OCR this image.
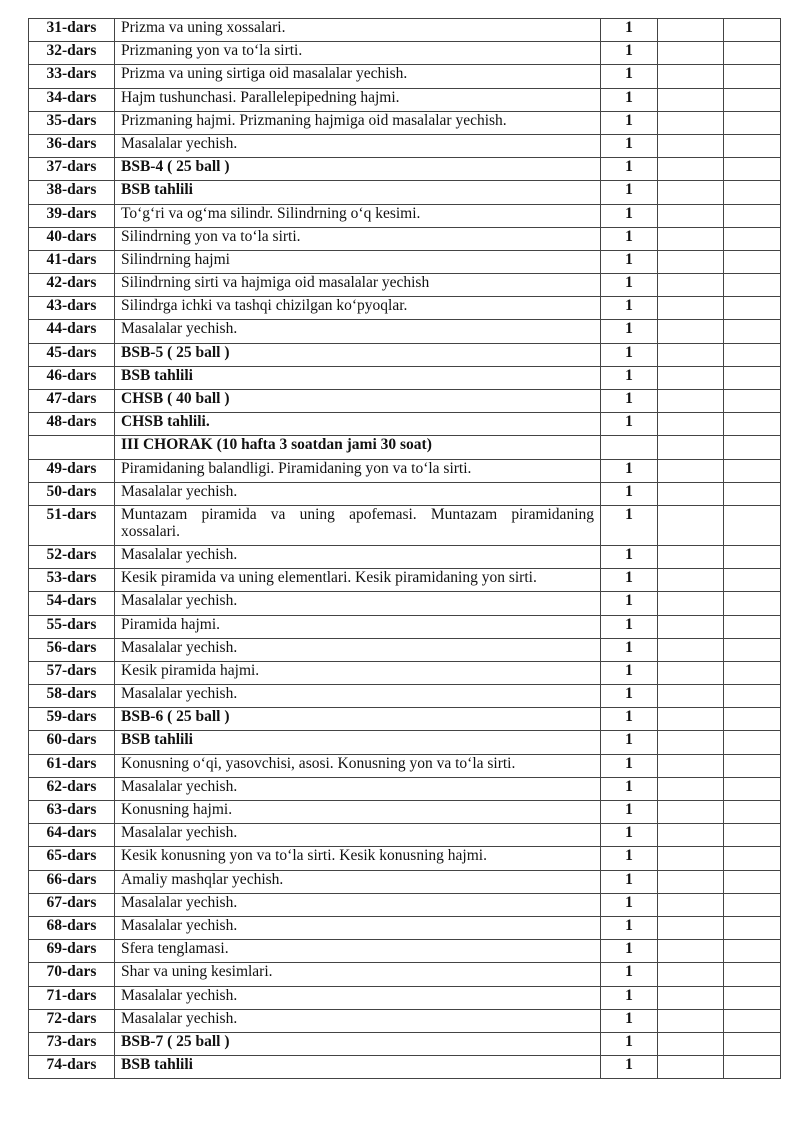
31-dars	Prizma va uning xossalari.	1		
32-dars	Prizmaning yon va to‘la sirti.	1		
33-dars	Prizma va uning sirtiga oid masalalar yechish.	1		
34-dars	Hajm tushunchasi. Parallelepipedning hajmi.	1		
35-dars	Prizmaning hajmi. Prizmaning hajmiga oid masalalar yechish.	1		
36-dars	Masalalar yechish.	1		
37-dars	BSB-4 ( 25 ball )	1		
38-dars	BSB tahlili	1		
39-dars	To‘g‘ri va og‘ma silindr. Silindrning o‘q kesimi.	1		
40-dars	Silindrning yon va to‘la sirti.	1		
41-dars	Silindrning hajmi	1		
42-dars	Silindrning sirti va hajmiga oid masalalar yechish	1		
43-dars	Silindrga ichki va tashqi chizilgan ko‘pyoqlar.	1		
44-dars	Masalalar yechish.	1		
45-dars	BSB-5 ( 25 ball )	1		
46-dars	BSB tahlili	1		
47-dars	CHSB ( 40 ball )	1		
48-dars	CHSB tahlili.	1		
	III CHORAK (10 hafta 3 soatdan jami 30 soat)			
49-dars	Piramidaning balandligi. Piramidaning yon va to‘la sirti.	1		
50-dars	Masalalar yechish.	1		
51-dars	Muntazam piramida va uning apofemasi. Muntazam piramidaning xossalari.	1		
52-dars	Masalalar yechish.	1		
53-dars	Kesik piramida va uning elementlari. Kesik piramidaning yon sirti.	1		
54-dars	Masalalar yechish.	1		
55-dars	Piramida hajmi.	1		
56-dars	Masalalar yechish.	1		
57-dars	Kesik piramida hajmi.	1		
58-dars	Masalalar yechish.	1		
59-dars	BSB-6 ( 25 ball )	1		
60-dars	BSB tahlili	1		
61-dars	Konusning o‘qi, yasovchisi, asosi. Konusning yon va to‘la sirti.	1		
62-dars	Masalalar yechish.	1		
63-dars	Konusning hajmi.	1		
64-dars	Masalalar yechish.	1		
65-dars	Kesik konusning yon va to‘la sirti. Kesik konusning hajmi.	1		
66-dars	Amaliy mashqlar yechish.	1		
67-dars	Masalalar yechish.	1		
68-dars	Masalalar yechish.	1		
69-dars	Sfera tenglamasi.	1		
70-dars	Shar va uning kesimlari.	1		
71-dars	Masalalar yechish.	1		
72-dars	Masalalar yechish.	1		
73-dars	BSB-7 ( 25 ball )	1		
74-dars	BSB tahlili	1		
